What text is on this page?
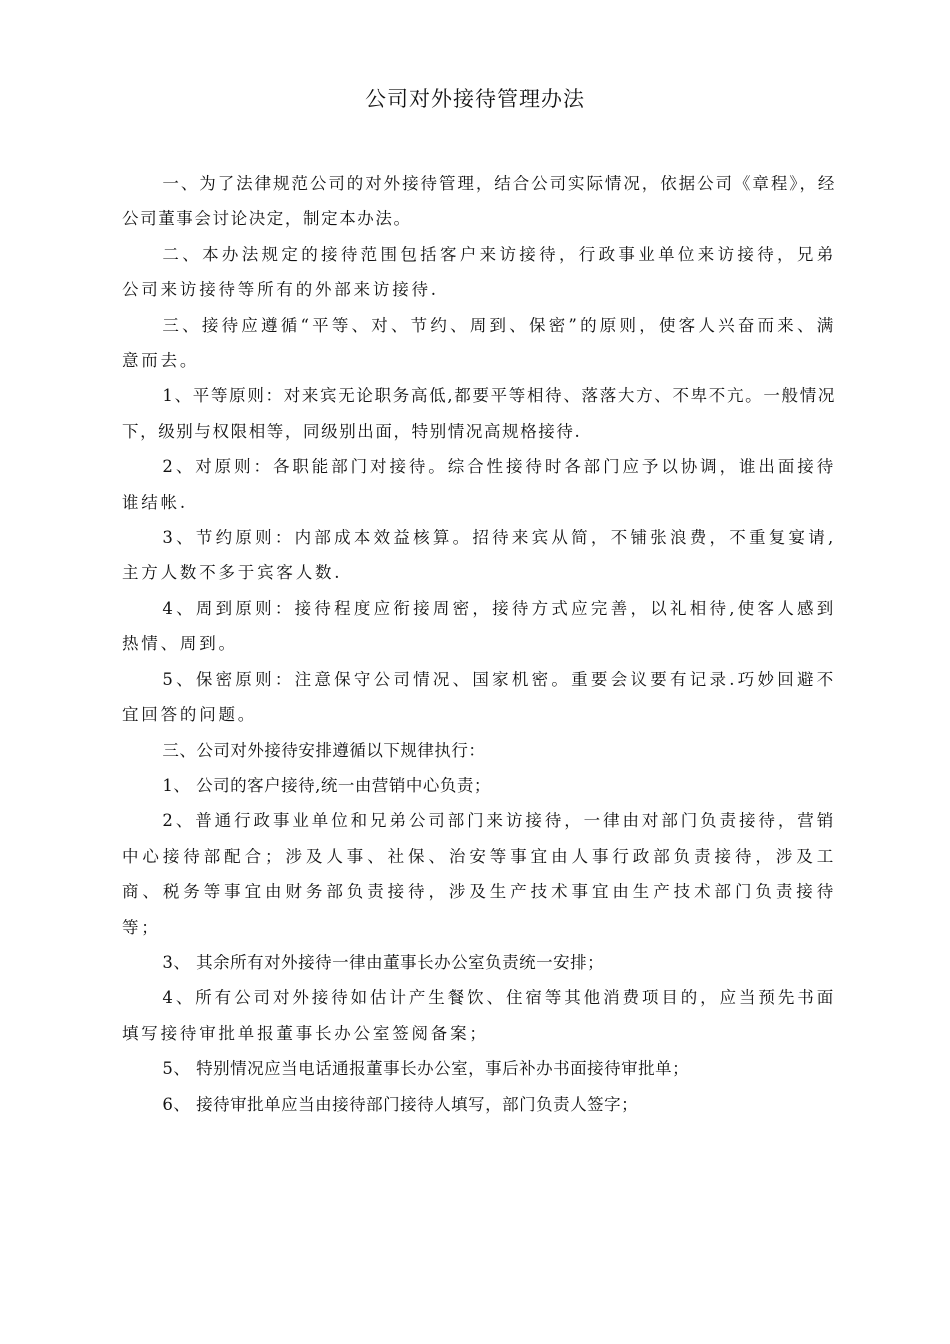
公司对外接待管理办法

一、为了法律规范公司的对外接待管理，结合公司实际情况，依据公司《章程》，经公司董事会讨论决定，制定本办法。

二、本办法规定的接待范围包括客户来访接待，行政事业单位来访接待，兄弟公司来访接待等所有的外部来访接待.

三、接待应遵循“平等、对、节约、周到、保密”的原则，使客人兴奋而来、满意而去。

1、平等原则：对来宾无论职务高低,都要平等相待、落落大方、不卑不亢。一般情况下，级别与权限相等，同级别出面，特别情况高规格接待.

2、对原则：各职能部门对接待。综合性接待时各部门应予以协调，谁出面接待谁结帐.

3、节约原则：内部成本效益核算。招待来宾从简，不铺张浪费，不重复宴请,主方人数不多于宾客人数.

4、周到原则：接待程度应衔接周密，接待方式应完善，以礼相待,使客人感到热情、周到。

5、保密原则：注意保守公司情况、国家机密。重要会议要有记录.巧妙回避不宜回答的问题。

三、公司对外接待安排遵循以下规律执行：

1、 公司的客户接待,统一由营销中心负责；

2、普通行政事业单位和兄弟公司部门来访接待，一律由对部门负责接待，营销中心接待部配合；涉及人事、社保、治安等事宜由人事行政部负责接待，涉及工商、税务等事宜由财务部负责接待，涉及生产技术事宜由生产技术部门负责接待等；

3、 其余所有对外接待一律由董事长办公室负责统一安排；

4、所有公司对外接待如估计产生餐饮、住宿等其他消费项目的，应当预先书面填写接待审批单报董事长办公室签阅备案；

5、 特别情况应当电话通报董事长办公室，事后补办书面接待审批单；

6、 接待审批单应当由接待部门接待人填写，部门负责人签字；
